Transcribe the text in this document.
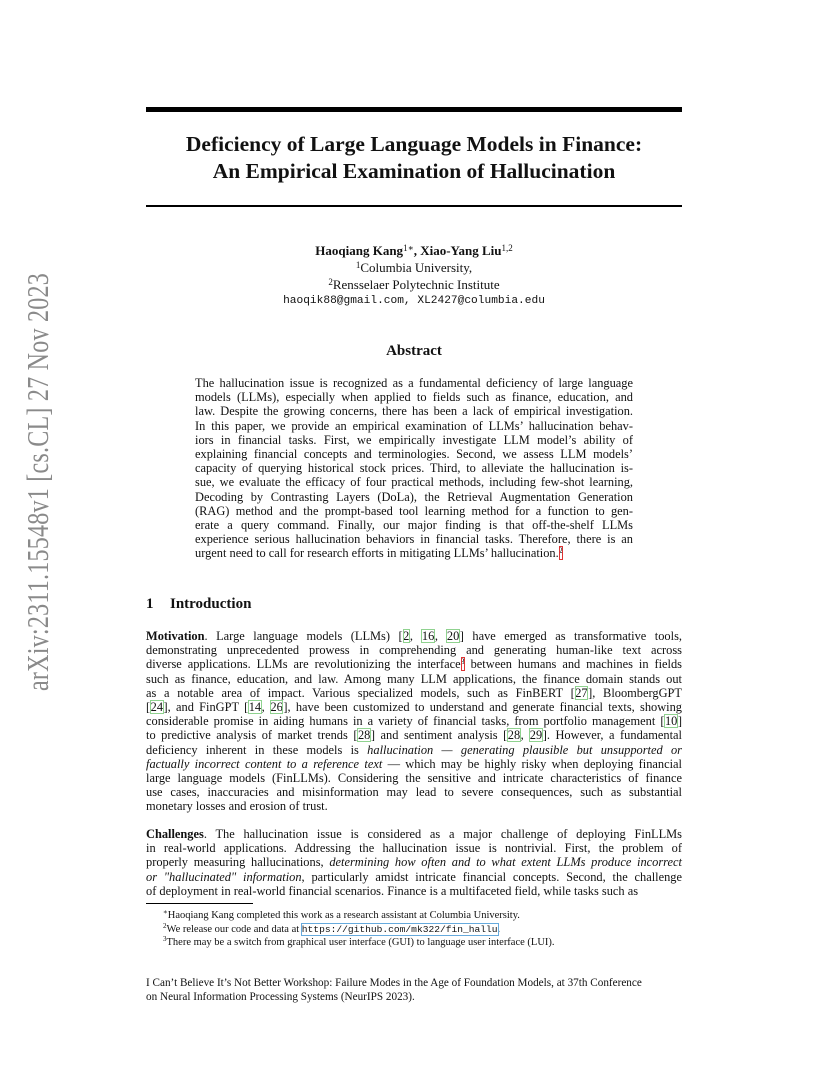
arXiv:2311.15548v1 [cs.CL] 27 Nov 2023
Deficiency of Large Language Models in Finance:
An Empirical Examination of Hallucination
Haoqiang Kang$^{1∗}$, Xiao-Yang Liu$^{1,2}$
$^1$Columbia University,
$^2$Rensselaer Polytechnic Institute
haoqik88@gmail.com, XL2427@columbia.edu
Abstract
The hallucination issue is recognized as a fundamental deficiency of large language
models (LLMs), especially when applied to fields such as finance, education, and
law. Despite the growing concerns, there has been a lack of empirical investigation.
In this paper, we provide an empirical examination of LLMs’ hallucination behav-
iors in financial tasks. First, we empirically investigate LLM model’s ability of
explaining financial concepts and terminologies. Second, we assess LLM models’
capacity of querying historical stock prices. Third, to alleviate the hallucination is-
sue, we evaluate the efficacy of four practical methods, including few-shot learning,
Decoding by Contrasting Layers (DoLa), the Retrieval Augmentation Generation
(RAG) method and the prompt-based tool learning method for a function to gen-
erate a query command. Finally, our major finding is that off-the-shelf LLMs
experience serious hallucination behaviors in financial tasks. Therefore, there is an
urgent need to call for research efforts in mitigating LLMs’ hallucination.$^2$
1 Introduction
Motivation. Large language models (LLMs) [2, 16, 20] have emerged as transformative tools,
demonstrating unprecedented prowess in comprehending and generating human-like text across
diverse applications. LLMs are revolutionizing the interface$^3$ between humans and machines in fields
such as finance, education, and law. Among many LLM applications, the finance domain stands out
as a notable area of impact. Various specialized models, such as FinBERT [27], BloombergGPT
[24], and FinGPT [14, 26], have been customized to understand and generate financial texts, showing
considerable promise in aiding humans in a variety of financial tasks, from portfolio management [10]
to predictive analysis of market trends [28] and sentiment analysis [28, 29]. However, a fundamental
deficiency inherent in these models is hallucination — generating plausible but unsupported or
factually incorrect content to a reference text — which may be highly risky when deploying financial
large language models (FinLLMs). Considering the sensitive and intricate characteristics of finance
use cases, inaccuracies and misinformation may lead to severe consequences, such as substantial
monetary losses and erosion of trust.
Challenges. The hallucination issue is considered as a major challenge of deploying FinLLMs
in real-world applications. Addressing the hallucination issue is nontrivial. First, the problem of
properly measuring hallucinations, determining how often and to what extent LLMs produce incorrect
or "hallucinated" information, particularly amidst intricate financial concepts. Second, the challenge
of deployment in real-world financial scenarios. Finance is a multifaceted field, while tasks such as
∗Haoqiang Kang completed this work as a research assistant at Columbia University.
$^2$We release our code and data at https://github.com/mk322/fin_hallu.
$^3$There may be a switch from graphical user interface (GUI) to language user interface (LUI).
I Can’t Believe It’s Not Better Workshop: Failure Modes in the Age of Foundation Models, at 37th Conference
on Neural Information Processing Systems (NeurIPS 2023).
